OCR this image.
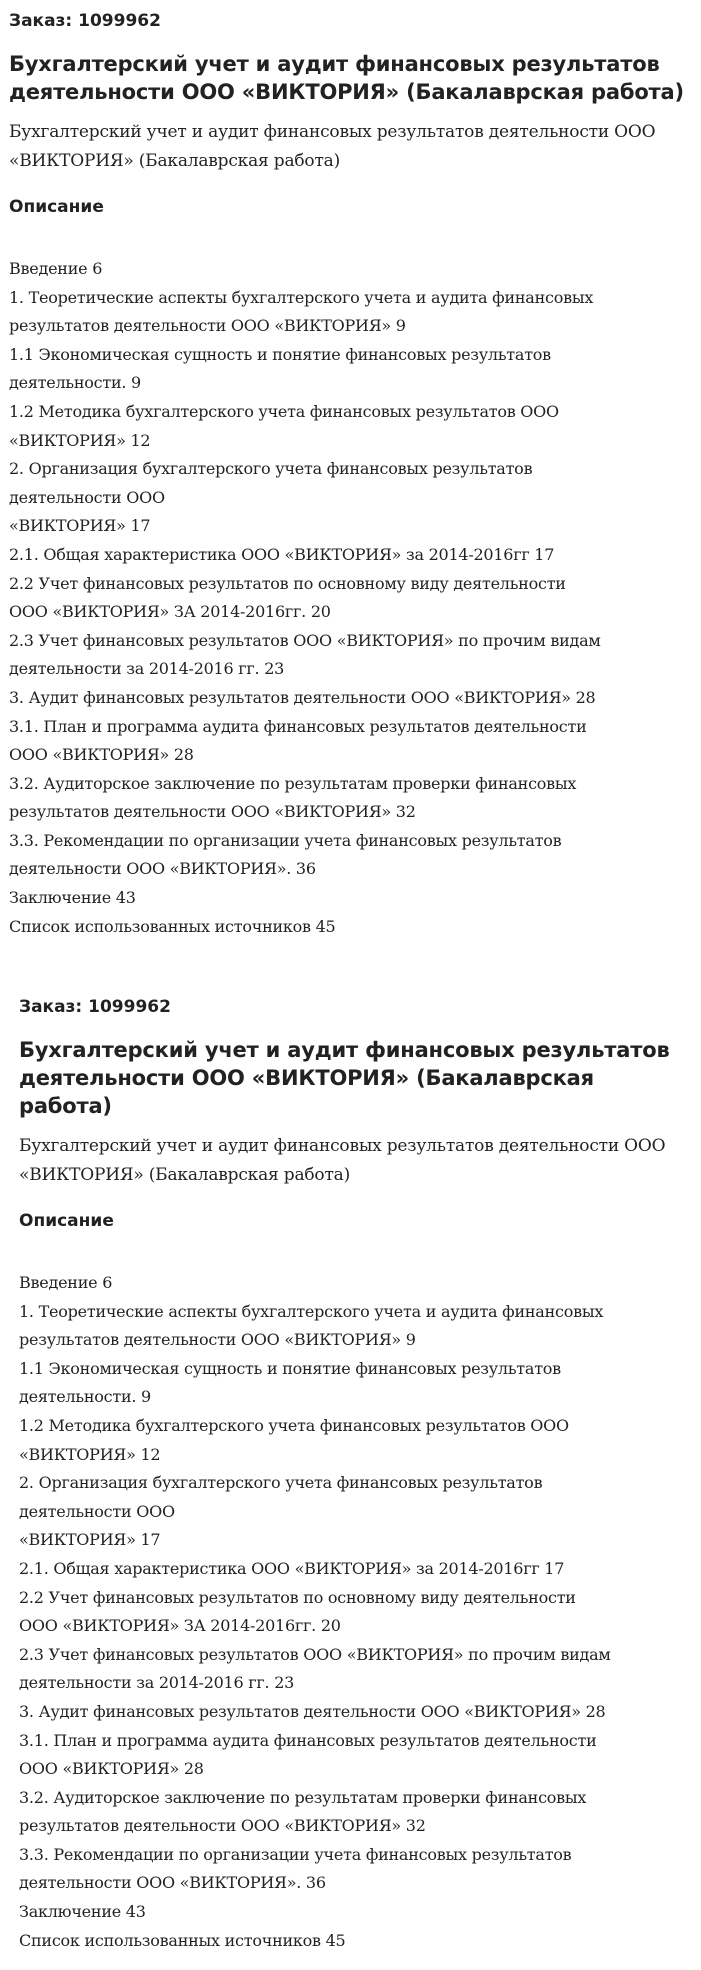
Заказ: 1099962
Бухгалтерский учет и аудит финансовых результатов деятельности ООО «ВИКТОРИЯ» (Бакалаврская работа)
Бухгалтерский учет и аудит финансовых результатов деятельности ООО «ВИКТОРИЯ» (Бакалаврская работа)
Описание
Введение 6
1. Теоретические аспекты бухгалтерского учета и аудита финансовых
результатов деятельности ООО «ВИКТОРИЯ» 9
1.1 Экономическая сущность и понятие финансовых результатов
деятельности. 9
1.2 Методика бухгалтерского учета финансовых результатов ООО
«ВИКТОРИЯ» 12
2. Организация бухгалтерского учета финансовых результатов
деятельности ООО
«ВИКТОРИЯ» 17
2.1. Общая характеристика ООО «ВИКТОРИЯ» за 2014-2016гг 17
2.2 Учет финансовых результатов по основному виду деятельности
ООО «ВИКТОРИЯ» ЗА 2014-2016гг. 20
2.3 Учет финансовых результатов ООО «ВИКТОРИЯ» по прочим видам
деятельности за 2014-2016 гг. 23
3. Аудит финансовых результатов деятельности ООО «ВИКТОРИЯ» 28
3.1. План и программа аудита финансовых результатов деятельности
ООО «ВИКТОРИЯ» 28
3.2. Аудиторское заключение по результатам проверки финансовых
результатов деятельности ООО «ВИКТОРИЯ» 32
3.3. Рекомендации по организации учета финансовых результатов
деятельности ООО «ВИКТОРИЯ». 36
Заключение 43
Список использованных источников 45
Заказ: 1099962
Бухгалтерский учет и аудит финансовых результатов деятельности ООО «ВИКТОРИЯ» (Бакалаврская работа)
Бухгалтерский учет и аудит финансовых результатов деятельности ООО «ВИКТОРИЯ» (Бакалаврская работа)
Описание
Введение 6
1. Теоретические аспекты бухгалтерского учета и аудита финансовых
результатов деятельности ООО «ВИКТОРИЯ» 9
1.1 Экономическая сущность и понятие финансовых результатов
деятельности. 9
1.2 Методика бухгалтерского учета финансовых результатов ООО
«ВИКТОРИЯ» 12
2. Организация бухгалтерского учета финансовых результатов
деятельности ООО
«ВИКТОРИЯ» 17
2.1. Общая характеристика ООО «ВИКТОРИЯ» за 2014-2016гг 17
2.2 Учет финансовых результатов по основному виду деятельности
ООО «ВИКТОРИЯ» ЗА 2014-2016гг. 20
2.3 Учет финансовых результатов ООО «ВИКТОРИЯ» по прочим видам
деятельности за 2014-2016 гг. 23
3. Аудит финансовых результатов деятельности ООО «ВИКТОРИЯ» 28
3.1. План и программа аудита финансовых результатов деятельности
ООО «ВИКТОРИЯ» 28
3.2. Аудиторское заключение по результатам проверки финансовых
результатов деятельности ООО «ВИКТОРИЯ» 32
3.3. Рекомендации по организации учета финансовых результатов
деятельности ООО «ВИКТОРИЯ». 36
Заключение 43
Список использованных источников 45
